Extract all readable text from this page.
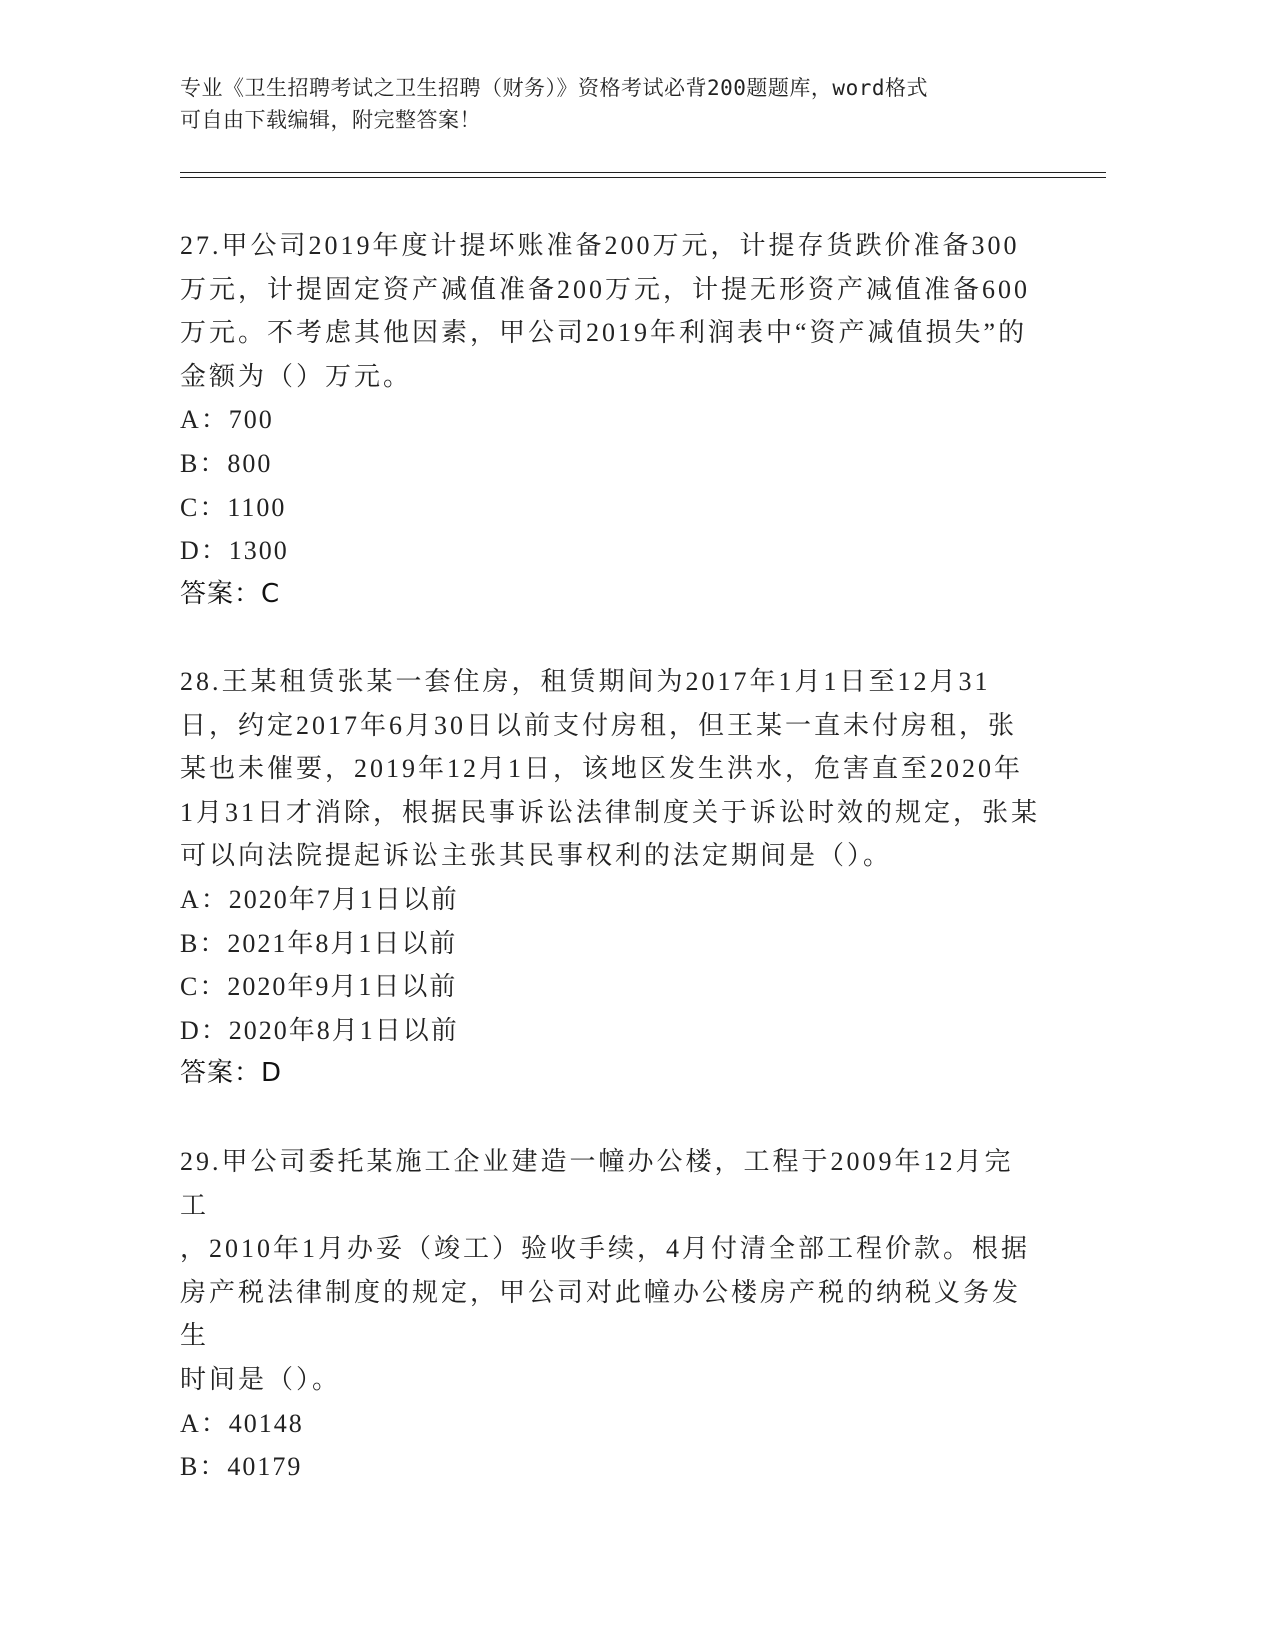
专业《卫生招聘考试之卫生招聘（财务）》资格考试必背200题题库，word格式
可自由下载编辑，附完整答案！

27.甲公司2019年度计提坏账准备200万元，计提存货跌价准备300

万元，计提固定资产减值准备200万元，计提无形资产减值准备600

万元。不考虑其他因素，甲公司2019年利润表中“资产减值损失”的

金额为（）万元。

A：700

B：800

C：1100

D：1300

答案：C

28.王某租赁张某一套住房，租赁期间为2017年1月1日至12月31

日，约定2017年6月30日以前支付房租，但王某一直未付房租，张

某也未催要，2019年12月1日，该地区发生洪水，危害直至2020年

1月31日才消除，根据民事诉讼法律制度关于诉讼时效的规定，张某

可以向法院提起诉讼主张其民事权利的法定期间是（）。

A：2020年7月1日以前

B：2021年8月1日以前

C：2020年9月1日以前

D：2020年8月1日以前

答案：D

29.甲公司委托某施工企业建造一幢办公楼，工程于2009年12月完工

，2010年1月办妥（竣工）验收手续，4月付清全部工程价款。根据

房产税法律制度的规定，甲公司对此幢办公楼房产税的纳税义务发生

时间是（）。

A：40148

B：40179
